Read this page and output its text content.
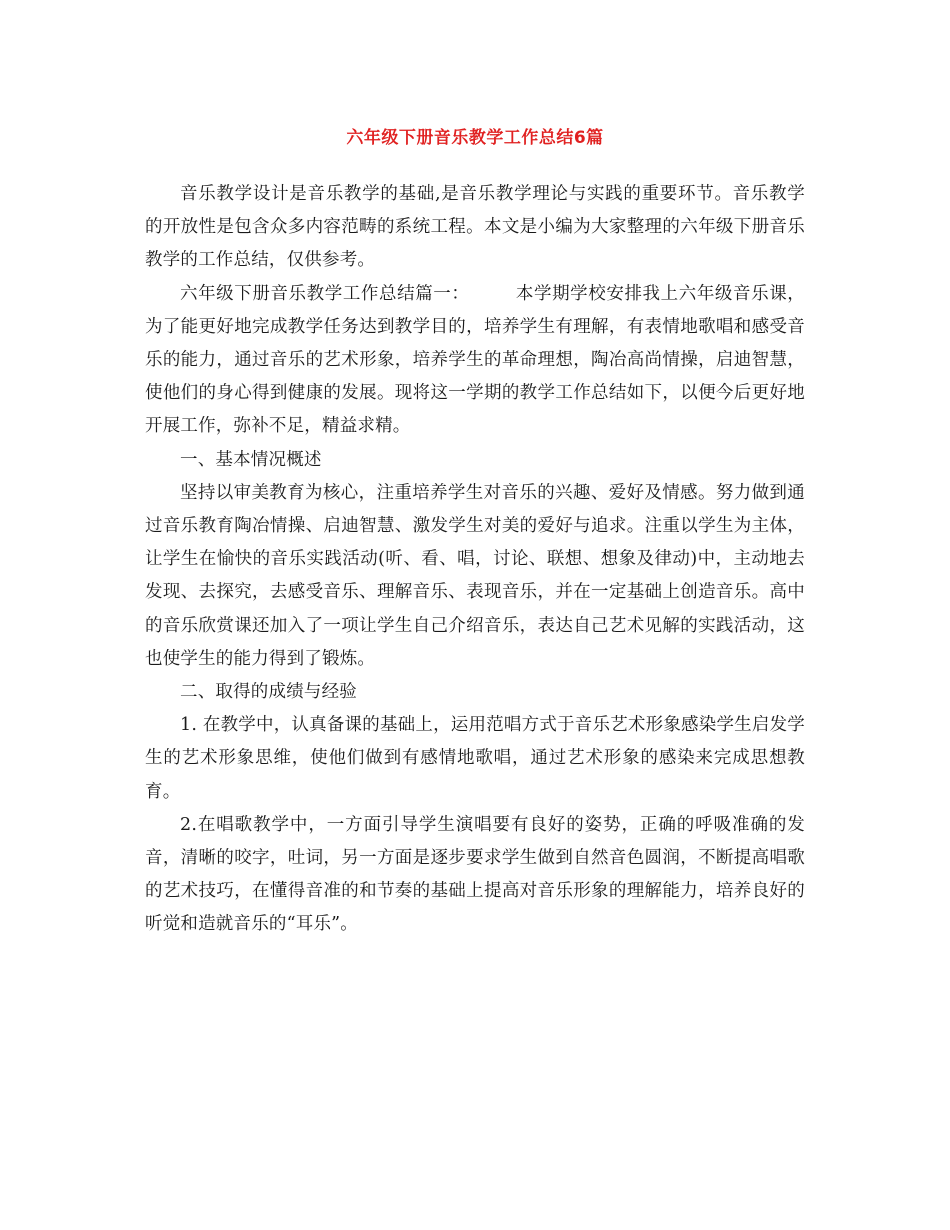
六年级下册音乐教学工作总结6篇

音乐教学设计是音乐教学的基础,是音乐教学理论与实践的重要环节。音乐教学的开放性是包含众多内容范畴的系统工程。本文是小编为大家整理的六年级下册音乐教学的工作总结，仅供参考。

六年级下册音乐教学工作总结篇一：	本学期学校安排我上六年级音乐课，为了能更好地完成教学任务达到教学目的，培养学生有理解，有表情地歌唱和感受音乐的能力，通过音乐的艺术形象，培养学生的革命理想，陶冶高尚情操，启迪智慧，使他们的身心得到健康的发展。现将这一学期的教学工作总结如下，以便今后更好地开展工作，弥补不足，精益求精。

一、基本情况概述

坚持以审美教育为核心，注重培养学生对音乐的兴趣、爱好及情感。努力做到通过音乐教育陶冶情操、启迪智慧、激发学生对美的爱好与追求。注重以学生为主体，让学生在愉快的音乐实践活动(听、看、唱，讨论、联想、想象及律动)中，主动地去发现、去探究，去感受音乐、理解音乐、表现音乐，并在一定基础上创造音乐。高中的音乐欣赏课还加入了一项让学生自己介绍音乐，表达自己艺术见解的实践活动，这也使学生的能力得到了锻炼。

二、取得的成绩与经验

1. 在教学中，认真备课的基础上，运用范唱方式于音乐艺术形象感染学生启发学生的艺术形象思维，使他们做到有感情地歌唱，通过艺术形象的感染来完成思想教育。

2.在唱歌教学中，一方面引导学生演唱要有良好的姿势，正确的呼吸准确的发音，清晰的咬字，吐词，另一方面是逐步要求学生做到自然音色圆润，不断提高唱歌的艺术技巧，在懂得音准的和节奏的基础上提高对音乐形象的理解能力，培养良好的听觉和造就音乐的“耳乐”。
